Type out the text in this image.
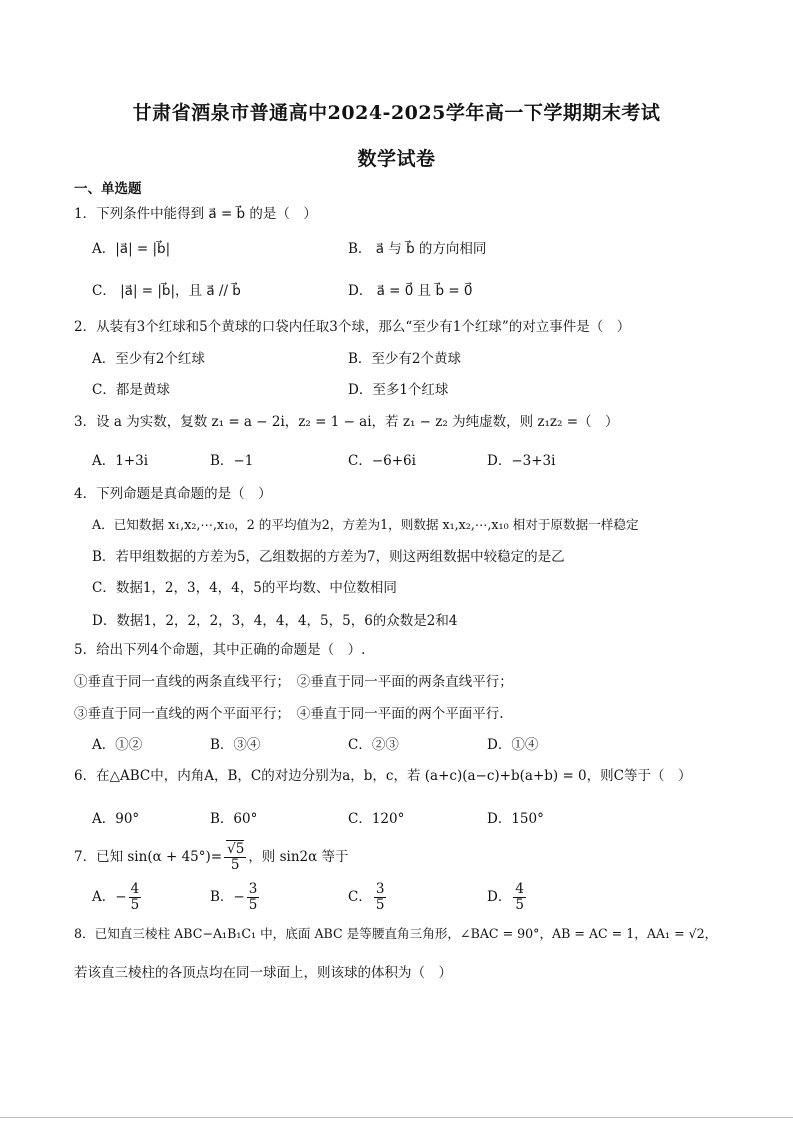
甘肃省酒泉市普通高中2024-2025学年高一下学期期末考试
数学试卷
一、单选题
1．下列条件中能得到 a⃗ = b⃗ 的是（　）
A．|a⃗| = |b⃗|	B． a⃗ 与 b⃗ 的方向相同
C． |a⃗| = |b⃗|，且 a⃗ // b⃗	D． a⃗ = 0⃗ 且 b⃗ = 0⃗
2．从装有3个红球和5个黄球的口袋内任取3个球，那么“至少有1个红球”的对立事件是（　）
A．至少有2个红球	B．至少有2个黄球
C．都是黄球	D．至多1个红球
3．设 a 为实数，复数 z₁ = a − 2i，z₂ = 1 − ai，若 z₁ − z₂ 为纯虚数，则 z₁z₂ =（　）
A．1+3i	B．−1	C．−6+6i	D．−3+3i
4．下列命题是真命题的是（　）
A．已知数据 x₁,x₂,⋯,x₁₀，2 的平均值为2，方差为1，则数据 x₁,x₂,⋯,x₁₀ 相对于原数据一样稳定
B．若甲组数据的方差为5，乙组数据的方差为7，则这两组数据中较稳定的是乙
C．数据1，2，3，4，4，5的平均数、中位数相同
D．数据1，2，2，2，3，4，4，4，5，5，6的众数是2和4
5．给出下列4个命题，其中正确的命题是（　）.
①垂直于同一直线的两条直线平行；　②垂直于同一平面的两条直线平行；
③垂直于同一直线的两个平面平行；　④垂直于同一平面的两个平面平行.
A．①②	B．③④	C．②③	D．①④
6．在△ABC中，内角A，B，C的对边分别为a，b，c，若 (a+c)(a−c)+b(a+b) = 0，则C等于（　）
A．90°	B．60°	C．120°	D．150°
7．已知 $\sin(\alpha + 45^\circ)= \frac{√5}{5}$ ，则 sin2α 等于
A．− $\frac{4}{5}$	B．− $\frac{3}{5}$	C． $\frac{3}{5}$	D． $\frac{4}{5}$
8．已知直三棱柱 ABC−A₁B₁C₁ 中，底面 ABC 是等腰直角三角形，∠BAC = 90°，AB = AC = 1，AA₁ = √2，
若该直三棱柱的各顶点均在同一球面上，则该球的体积为（　）
